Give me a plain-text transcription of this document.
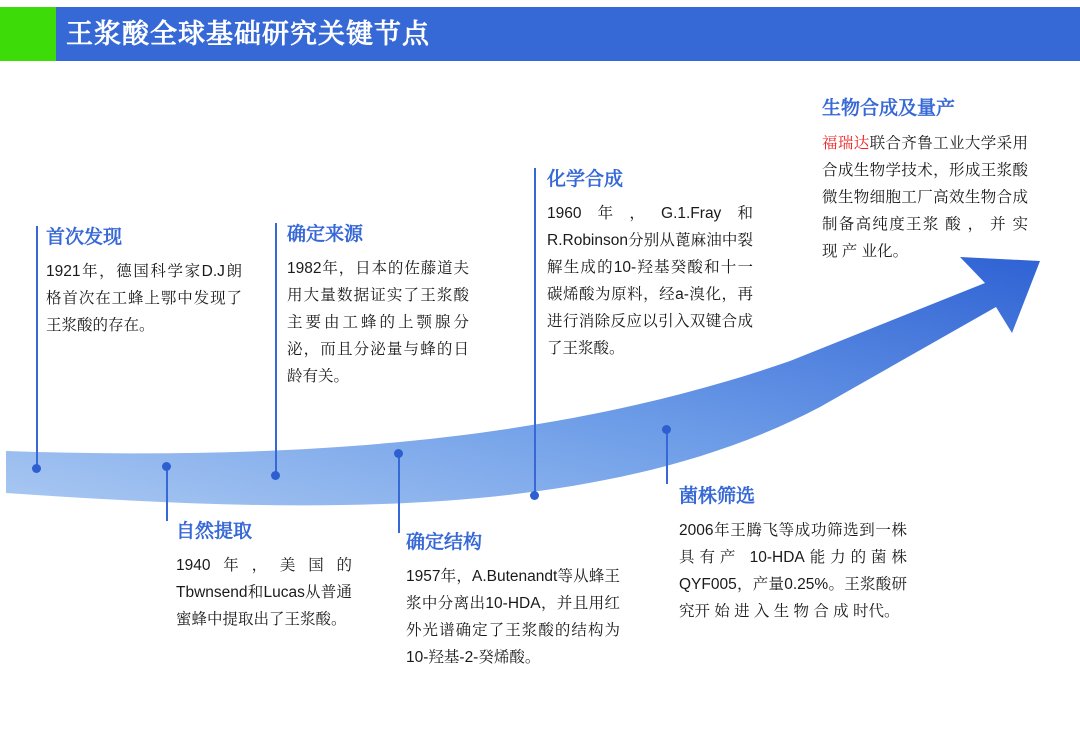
王浆酸全球基础研究关键节点
首次发现
1921年，德国科学家D.J朗格首次在工蜂上鄂中发现了王浆酸的存在。
自然提取
1940年，美国的Tbwnsend和Lucas从普通蜜蜂中提取出了王浆酸。
确定来源
1982年，日本的佐藤道夫用大量数据证实了王浆酸主要由工蜂的上颚腺分泌，而且分泌量与蜂的日龄有关。
确定结构
1957年，A.Butenandt等从蜂王浆中分离出10-HDA，并且用红外光谱确定了王浆酸的结构为10-羟基-2-癸烯酸。
化学合成
1960年，G.1.Fray和R.Robinson分别从蓖麻油中裂解生成的10-羟基癸酸和十一碳烯酸为原料，经a-溴化，再进行消除反应以引入双键合成了王浆酸。
菌株筛选
2006年王腾飞等成功筛选到一株具有产 10-HDA能力的菌株QYF005，产量0.25%。王浆酸研究开 始 进 入 生 物 合 成 时代。
生物合成及量产
福瑞达联合齐鲁工业大学采用合成生物学技术，形成王浆酸微生物细胞工厂高效生物合成制备高纯度王浆 酸 ， 并 实 现 产 业化。
